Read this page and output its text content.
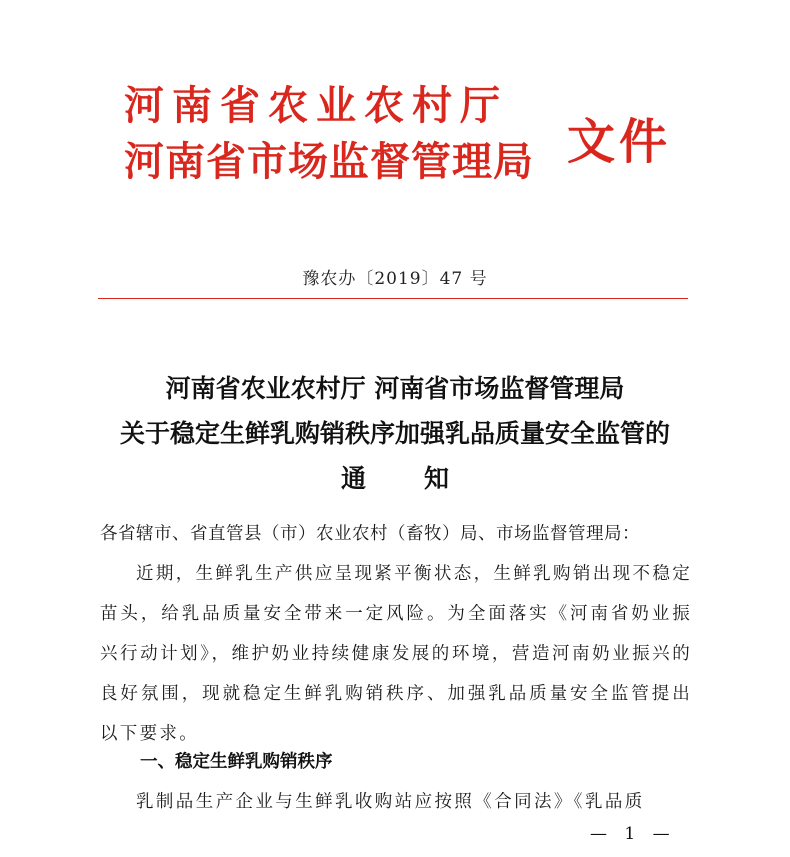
河南省农业农村厅
河南省市场监督管理局 文件
豫农办〔2019〕47 号
河南省农业农村厅 河南省市场监督管理局
关于稳定生鲜乳购销秩序加强乳品质量安全监管的
通知
各省辖市、省直管县（市）农业农村（畜牧）局、市场监督管理局：
近期，生鲜乳生产供应呈现紧平衡状态，生鲜乳购销出现不稳定苗头，给乳品质量安全带来一定风险。为全面落实《河南省奶业振兴行动计划》，维护奶业持续健康发展的环境，营造河南奶业振兴的良好氛围，现就稳定生鲜乳购销秩序、加强乳品质量安全监管提出以下要求。
一、稳定生鲜乳购销秩序
乳制品生产企业与生鲜乳收购站应按照《合同法》《乳品质
— 1 —
